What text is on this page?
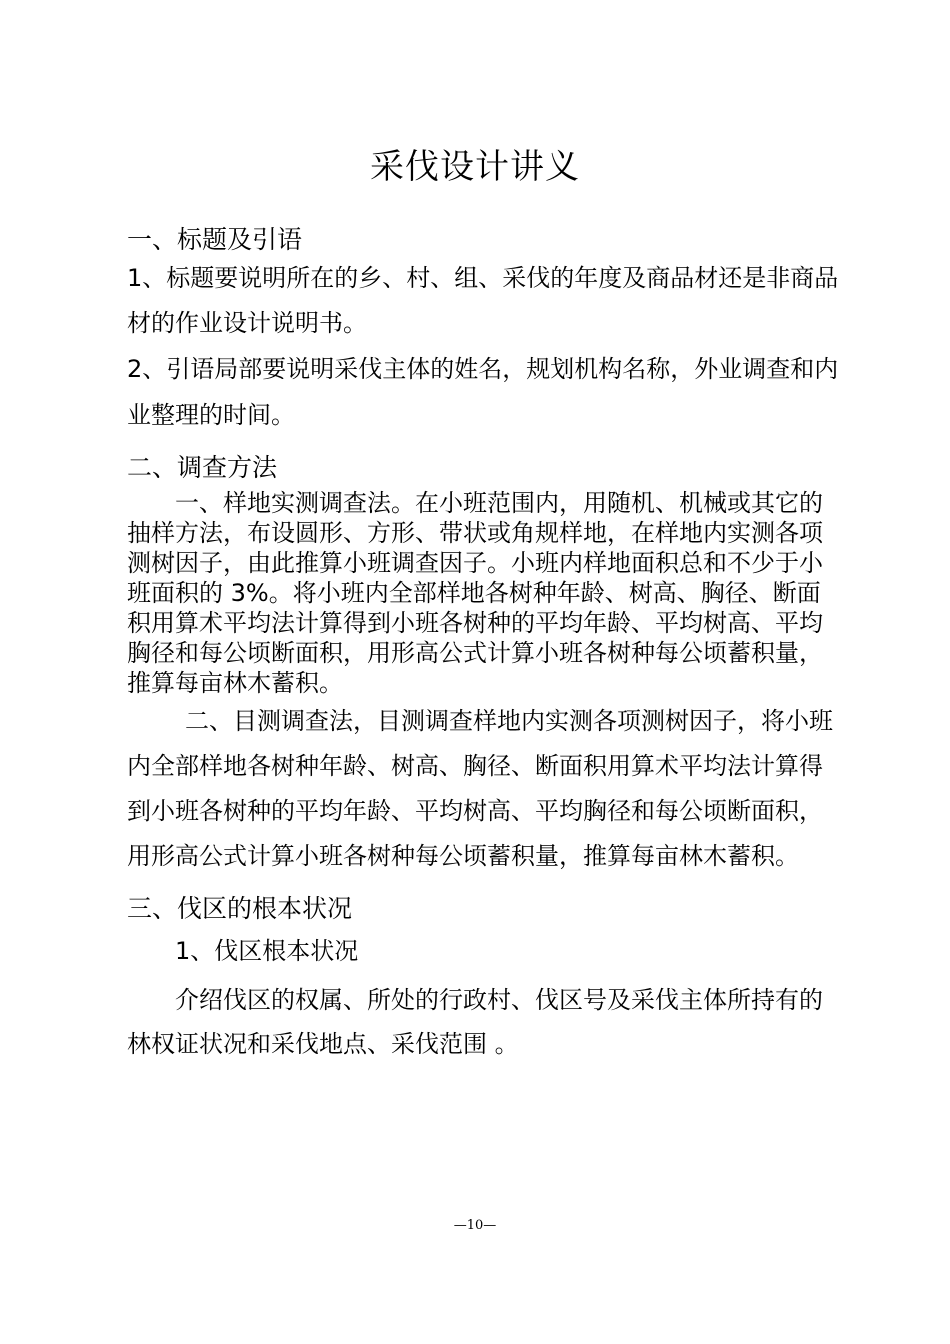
采伐设计讲义
一、标题及引语
1、标题要说明所在的乡、村、组、采伐的年度及商品材还是非商品
材的作业设计说明书。
2、引语局部要说明采伐主体的姓名，规划机构名称，外业调查和内
业整理的时间。
二、调查方法
一、样地实测调查法。在小班范围内，用随机、机械或其它的
抽样方法，布设圆形、方形、带状或角规样地，在样地内实测各项
测树因子，由此推算小班调查因子。小班内样地面积总和不少于小
班面积的 3%。将小班内全部样地各树种年龄、树高、胸径、断面
积用算术平均法计算得到小班各树种的平均年龄、平均树高、平均
胸径和每公顷断面积，用形高公式计算小班各树种每公顷蓄积量，
推算每亩林木蓄积。
二、目测调查法，目测调查样地内实测各项测树因子，将小班
内全部样地各树种年龄、树高、胸径、断面积用算术平均法计算得
到小班各树种的平均年龄、平均树高、平均胸径和每公顷断面积，
用形高公式计算小班各树种每公顷蓄积量，推算每亩林木蓄积。
三、伐区的根本状况
1、伐区根本状况
介绍伐区的权属、所处的行政村、伐区号及采伐主体所持有的
林权证状况和采伐地点、采伐范围 。
—10—
